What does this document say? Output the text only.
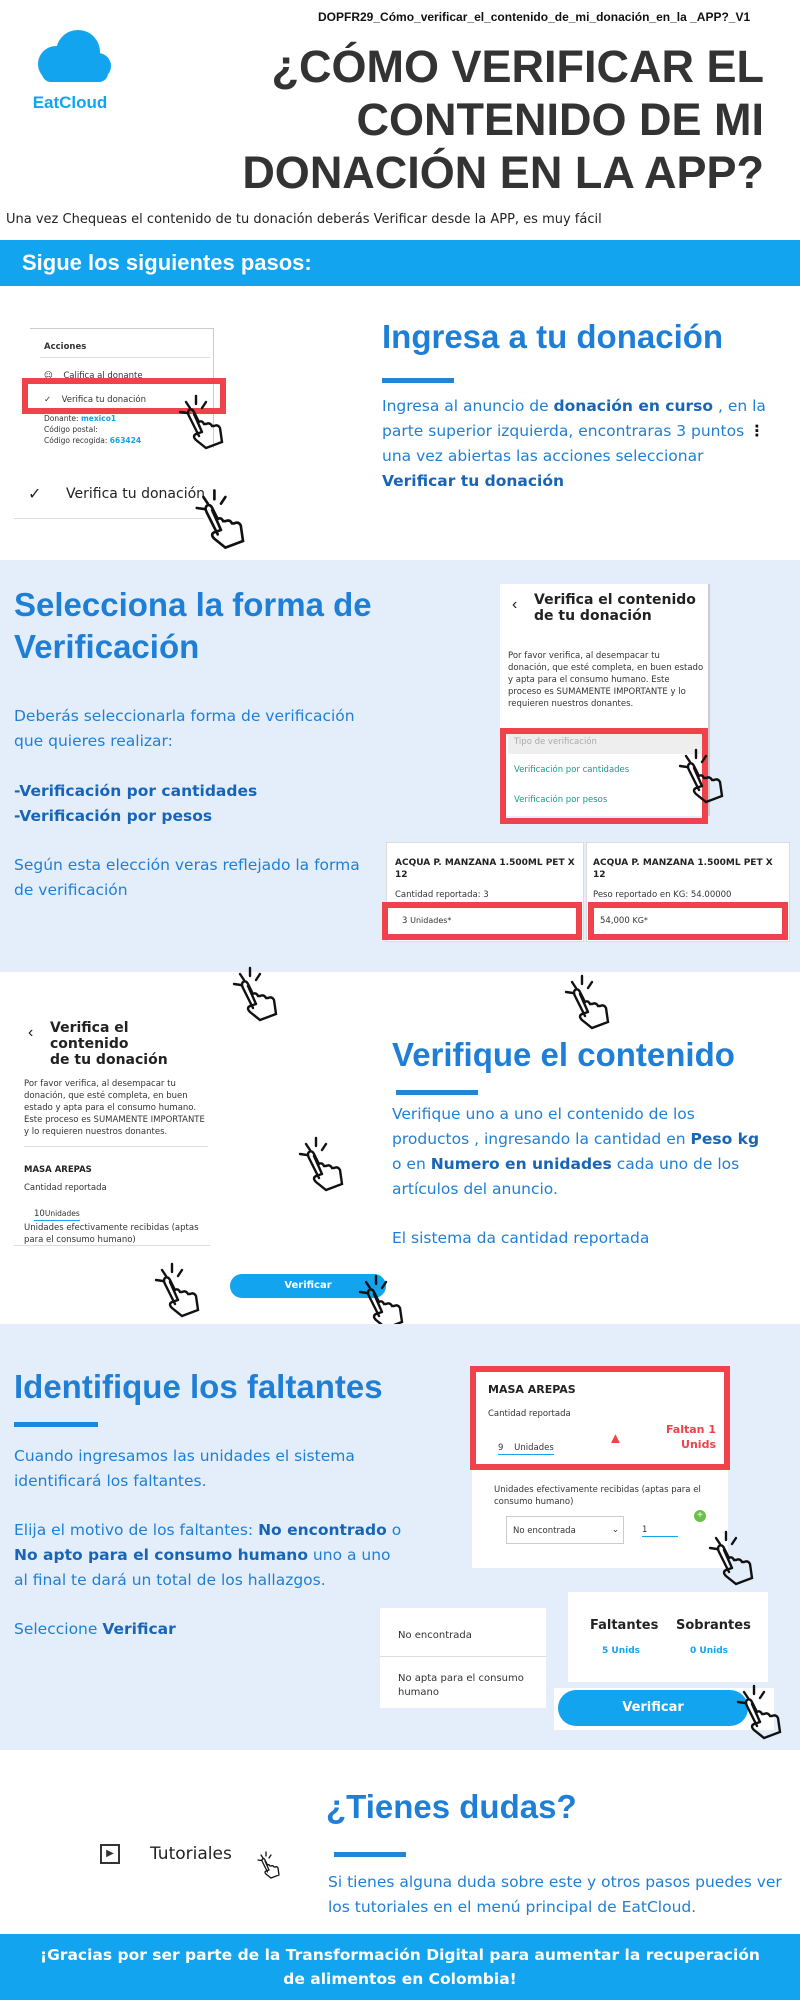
DOPFR29_Cómo_verificar_el_contenido_de_mi_donación_en_la _APP?_V1
EatCloud
¿CÓMO VERIFICAR EL
CONTENIDO DE MI
DONACIÓN EN LA APP?
Una vez Chequeas el contenido de tu donación deberás Verificar desde la APP, es muy fácil
Sigue los siguientes pasos:
Acciones
☺ Califica al donante
✓ Verifica tu donación
Donante: mexico1
Código postal:
Código recogida: 663424
✓ Verifica tu donación
Ingresa a tu donación
Ingresa al anuncio de donación en curso , en la parte superior izquierda, encontraras 3 puntos ⋮ una vez abiertas las acciones seleccionar Verificar tu donación
Selecciona la forma de
Verificación
Deberás seleccionarla forma de verificación que quieres realizar:
-Verificación por cantidades
-Verificación por pesos
Según esta elección veras reflejado la forma de verificación
‹ Verifica el contenido
de tu donación
Por favor verifica, al desempacar tu donación, que esté completa, en buen estado y apta para el consumo humano. Este proceso es SUMAMENTE IMPORTANTE y lo requieren nuestros donantes.
Tipo de verificación
Verificación por cantidades
Verificación por pesos
ACQUA P. MANZANA 1.500ML PET X 12
Cantidad reportada: 3
3 Unidades*
ACQUA P. MANZANA 1.500ML PET X 12
Peso reportado en KG: 54.00000
54,000 KG*
‹ Verifica el contenido
de tu donación
Por favor verifica, al desempacar tu donación, que esté completa, en buen estado y apta para el consumo humano. Este proceso es SUMAMENTE IMPORTANTE y lo requieren nuestros donantes.
MASA AREPAS
Cantidad reportada
10Unidades
Unidades efectivamente recibidas (aptas para el consumo humano)
Verificar
Verifique el contenido
Verifique uno a uno el contenido de los productos , ingresando la cantidad en Peso kg o en Numero en unidades cada uno de los artículos del anuncio.
El sistema da cantidad reportada
Identifique los faltantes
Cuando ingresamos las unidades el sistema identificará los faltantes.
Elija el motivo de los faltantes: No encontrado o No apto para el consumo humano uno a uno al final te dará un total de los hallazgos.
Seleccione Verificar
Unidades efectivamente recibidas (aptas para el consumo humano)
No encontrada	⌄	1
+
MASA AREPAS
Cantidad reportada
9 Unidades
▲
Faltan 1
Unids
No encontrada
No apta para el consumo humano
Faltantes
5 Unids
Sobrantes
0 Unids
Verificar
▶	Tutoriales
¿Tienes dudas?
Si tienes alguna duda sobre este y otros pasos puedes ver los tutoriales en el menú principal de EatCloud.
¡Gracias por ser parte de la Transformación Digital para aumentar la recuperación
de alimentos en Colombia!
